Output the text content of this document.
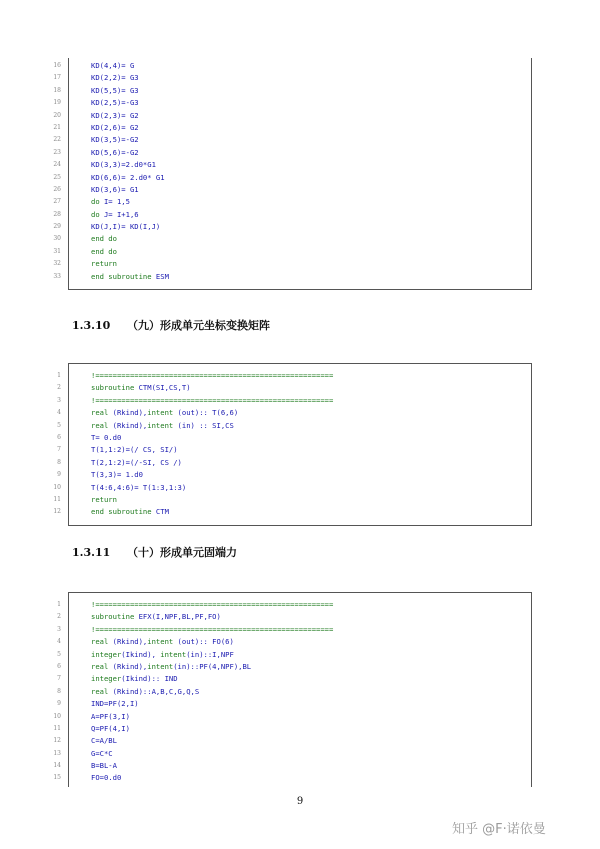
16	KD(4,4)= G
17	KD(2,2)= G3
18	KD(5,5)= G3
19	KD(2,5)=-G3
20	KD(2,3)= G2
21	KD(2,6)= G2
22	KD(3,5)=-G2
23	KD(5,6)=-G2
24	KD(3,3)=2.d0*G1
25	KD(6,6)= 2.d0* G1
26	KD(3,6)= G1
27	do I= 1,5
28	do J= I+1,6
29	KD(J,I)= KD(I,J)
30	end do
31	end do
32	return
33	end subroutine ESM
1.3.10 （九）形成单元坐标变换矩阵
1	!=======================================================
2	subroutine CTM(SI,CS,T)
3	!=======================================================
4	real (Rkind),intent (out):: T(6,6)
5	real (Rkind),intent (in) :: SI,CS
6	T= 0.d0
7	T(1,1:2)=(/ CS, SI/)
8	T(2,1:2)=(/-SI, CS /)
9	T(3,3)= 1.d0
10	T(4:6,4:6)= T(1:3,1:3)
11	return
12	end subroutine CTM
1.3.11 （十）形成单元固端力
1	!=======================================================
2	subroutine EFX(I,NPF,BL,PF,FO)
3	!=======================================================
4	real (Rkind),intent (out):: FO(6)
5	integer(Ikind), intent(in)::I,NPF
6	real (Rkind),intent(in)::PF(4,NPF),BL
7	integer(Ikind):: IND
8	real (Rkind)::A,B,C,G,Q,S
9	IND=PF(2,I)
10	A=PF(3,I)
11	Q=PF(4,I)
12	C=A/BL
13	G=C*C
14	B=BL-A
15	FO=0.d0
9
知乎 @F·诺依曼
